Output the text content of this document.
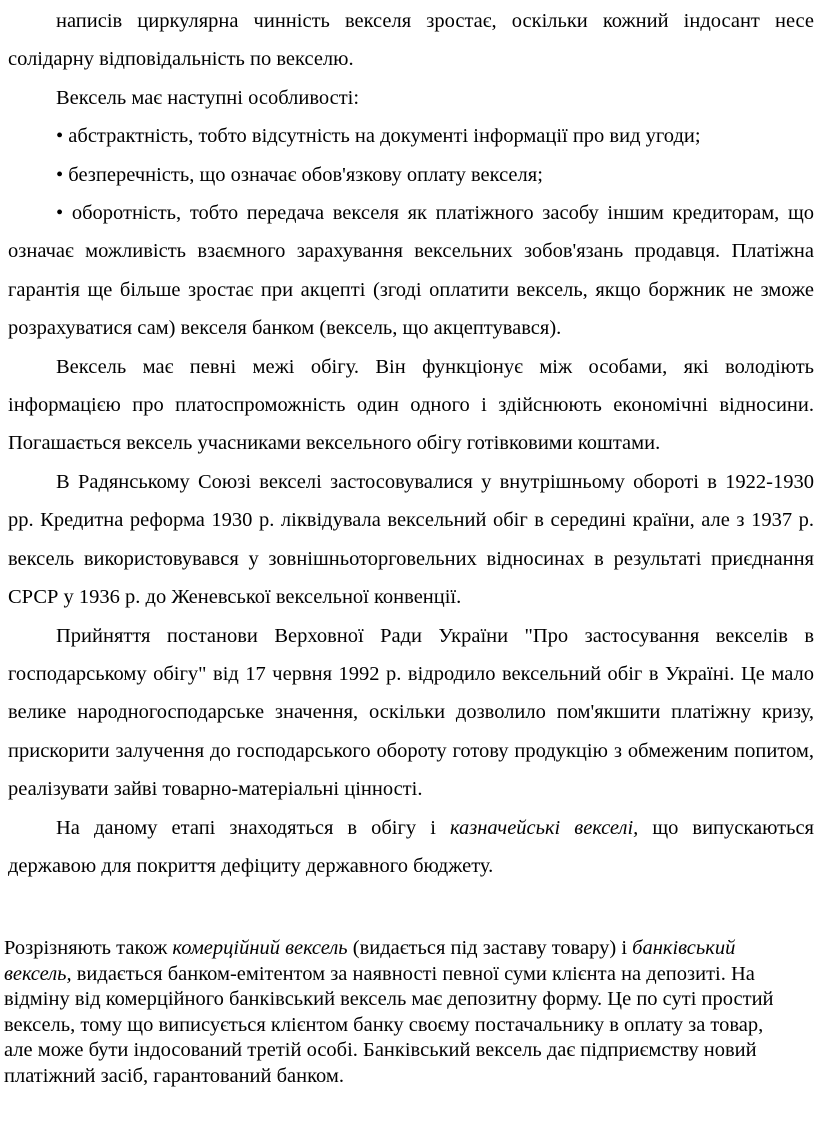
написів циркулярна чинність векселя зростає, оскільки кожний індосант несе солідарну відповідальність по векселю.

Вексель має наступні особливості:

• абстрактність, тобто відсутність на документі інформації про вид угоди;

• безперечність, що означає обов'язкову оплату векселя;

• оборотність, тобто передача векселя як платіжного засобу іншим кредиторам, що означає можливість взаємного зарахування вексельних зобов'язань продавця. Платіжна гарантія ще більше зростає при акцепті (згоді оплатити вексель, якщо боржник не зможе розрахуватися сам) векселя банком (вексель, що акцептувався).

Вексель має певні межі обігу. Він функціонує між особами, які володіють інформацією про платоспроможність один одного і здійснюють економічні відносини. Погашається вексель учасниками вексельного обігу готівковими коштами.

В Радянському Союзі векселі застосовувалися у внутрішньому обороті в 1922-1930 рр. Кредитна реформа 1930 р. ліквідувала вексельний обіг в середині країни, але з 1937 р. вексель використовувався у зовнішньоторговельних відносинах в результаті приєднання СРСР у 1936 р. до Женевської вексельної конвенції.

Прийняття постанови Верховної Ради України "Про застосування векселів в господарському обігу" від 17 червня 1992 р. відродило вексельний обіг в Україні. Це мало велике народногосподарське значення, оскільки дозволило пом'якшити платіжну кризу, прискорити залучення до господарського обороту готову продукцію з обмеженим попитом, реалізувати зайві товарно-матеріальні цінності.

На даному етапі знаходяться в обігу і казначейські векселі, що випускаються державою для покриття дефіциту державного бюджету.

Розрізняють також комерційний вексель (видається під заставу товару) і банківський вексель, видається банком-емітентом за наявності певної суми клієнта на депозиті. На відміну від комерційного банківський вексель має депозитну форму. Це по суті простий вексель, тому що виписується клієнтом банку своєму постачальнику в оплату за товар, але може бути індосований третій особі. Банківський вексель дає підприємству новий платіжний засіб, гарантований банком.
